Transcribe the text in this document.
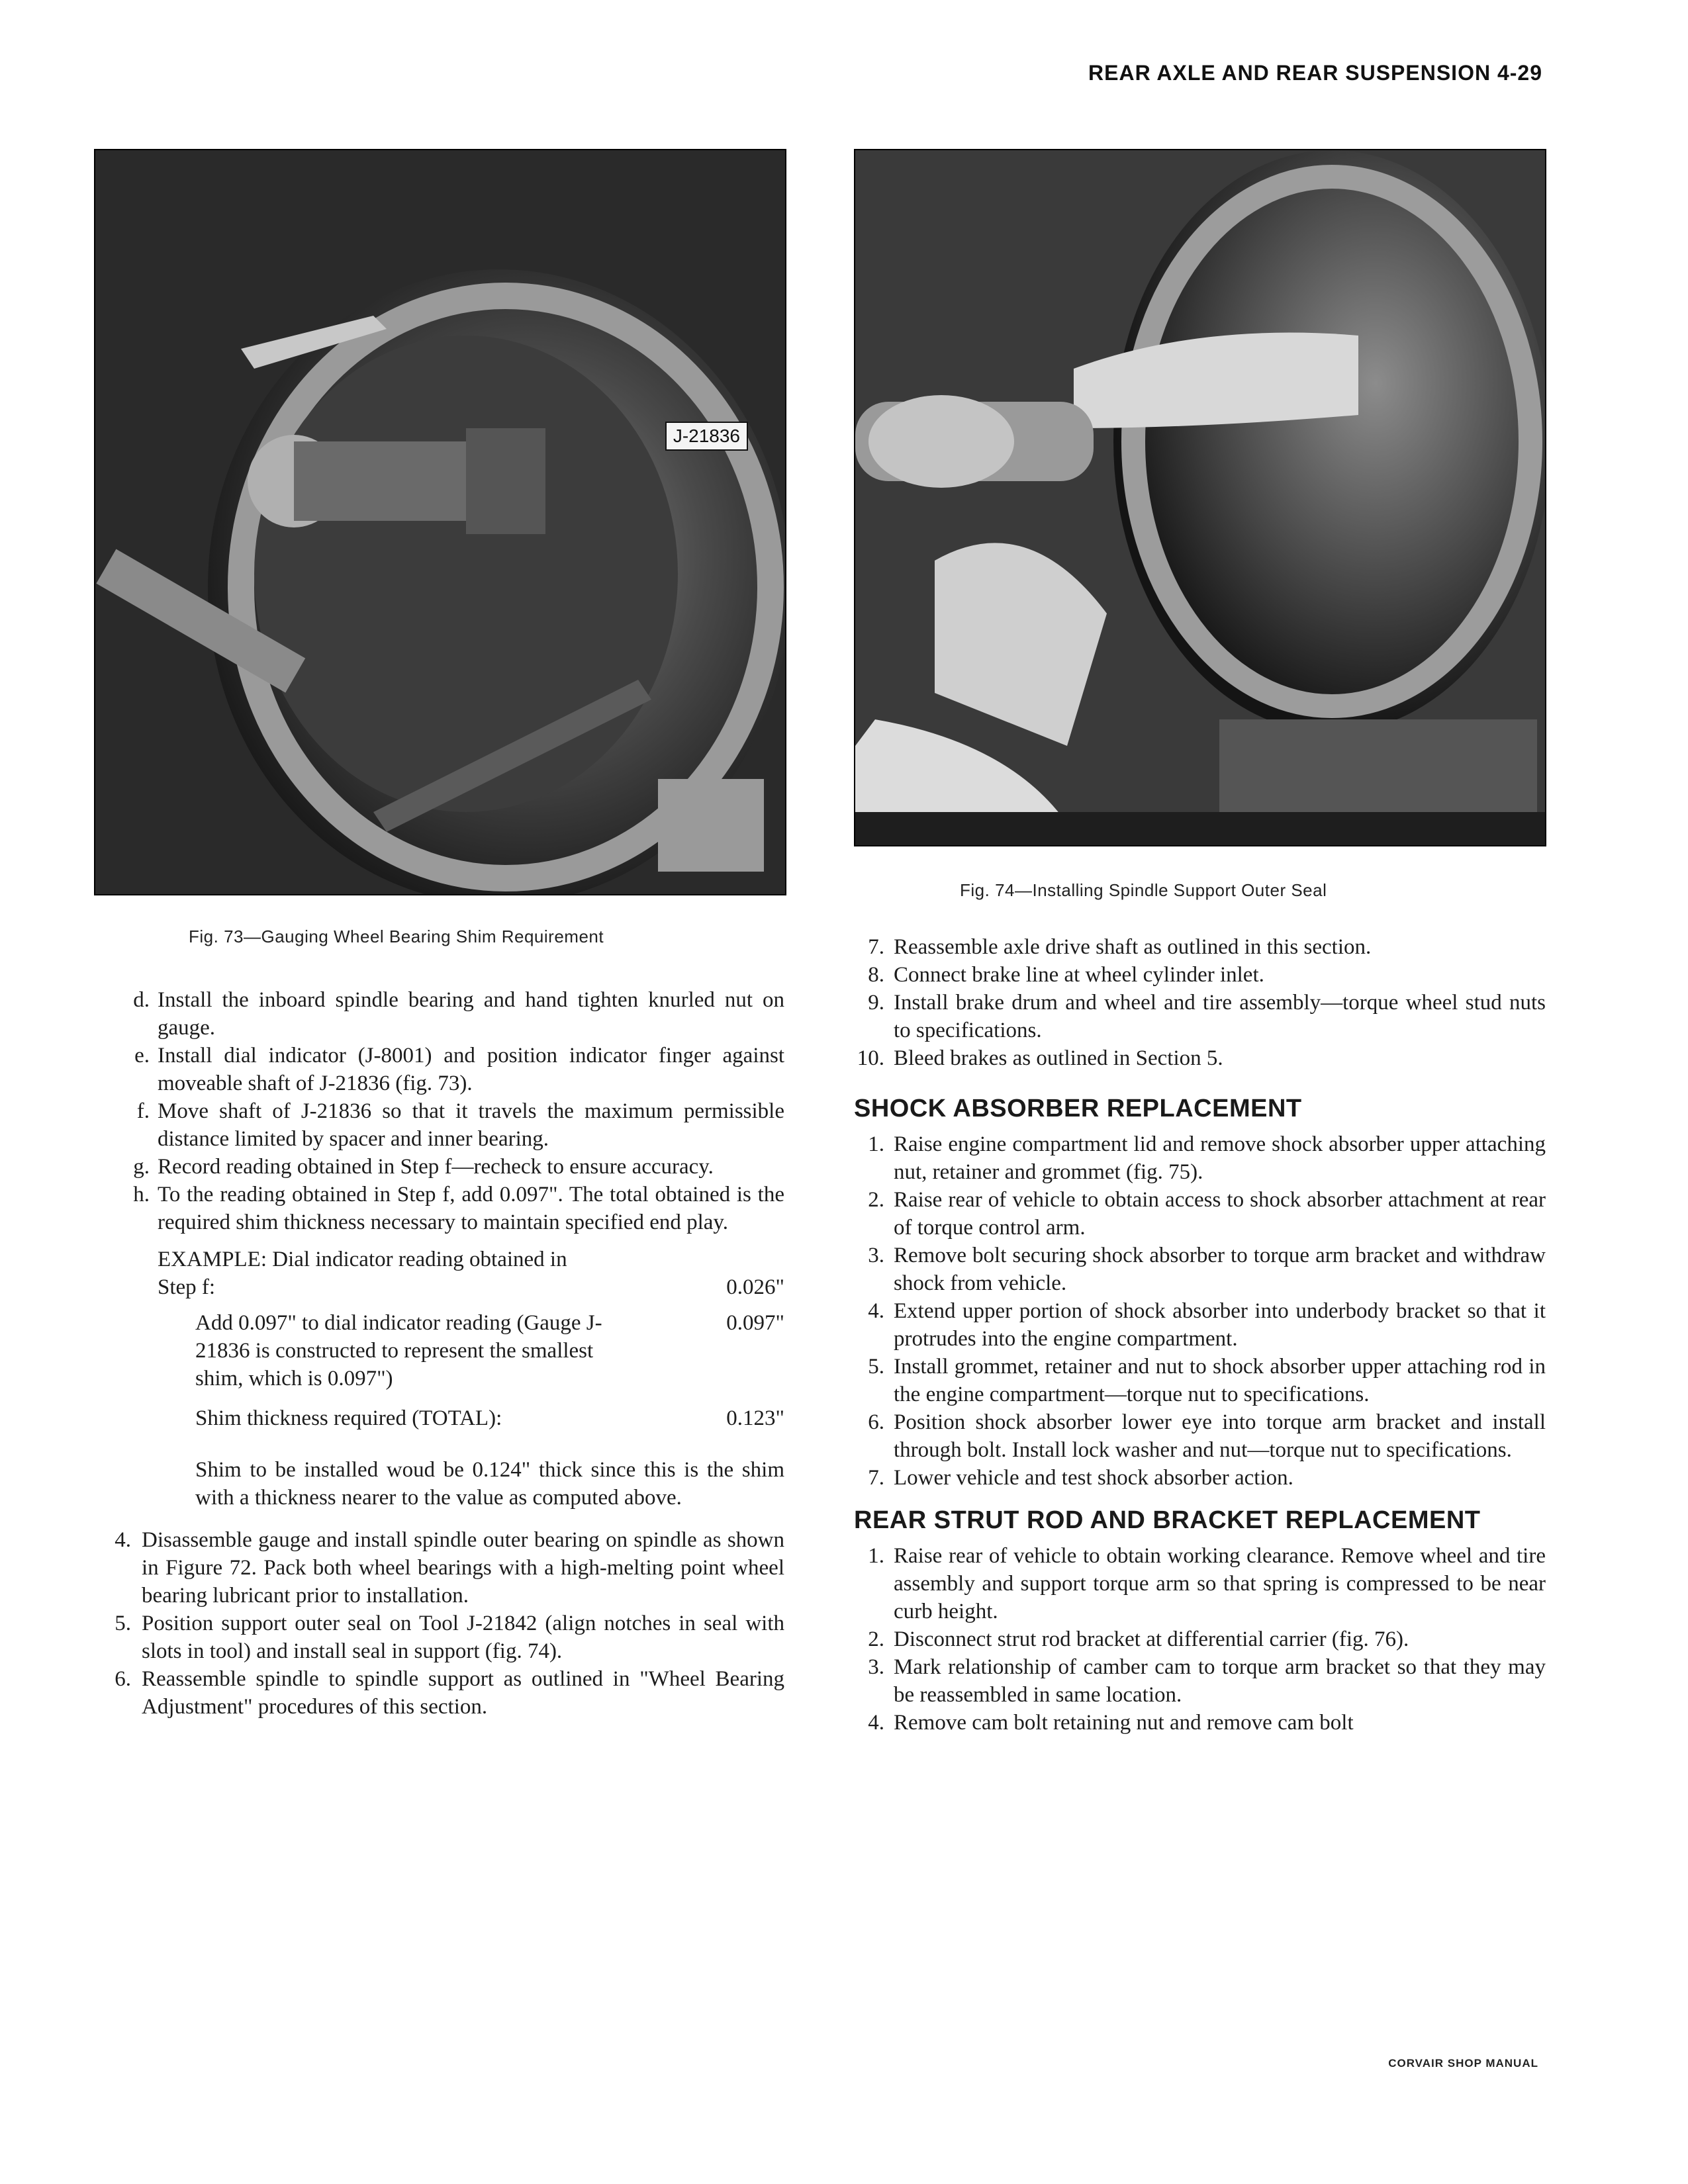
REAR AXLE AND REAR SUSPENSION 4-29
J-21836
Fig. 73—Gauging Wheel Bearing Shim Requirement
Fig. 74—Installing Spindle Support Outer Seal
d. Install the inboard spindle bearing and hand tighten knurled nut on gauge.
e. Install dial indicator (J-8001) and position indicator finger against moveable shaft of J-21836 (fig. 73).
f. Move shaft of J-21836 so that it travels the maximum permissible distance limited by spacer and inner bearing.
g. Record reading obtained in Step f—recheck to ensure accuracy.
h. To the reading obtained in Step f, add 0.097". The total obtained is the required shim thickness necessary to maintain specified end play.
EXAMPLE: Dial indicator reading obtained in
Step f:	0.026"
Add 0.097" to dial indicator reading (Gauge J-21836 is constructed to represent the smallest shim, which is 0.097")
0.097"
Shim thickness required (TOTAL):	0.123"
Shim to be installed woud be 0.124" thick since this is the shim with a thickness nearer to the value as computed above.
4. Disassemble gauge and install spindle outer bearing on spindle as shown in Figure 72. Pack both wheel bearings with a high-melting point wheel bearing lubricant prior to installation.
5. Position support outer seal on Tool J-21842 (align notches in seal with slots in tool) and install seal in support (fig. 74).
6. Reassemble spindle to spindle support as outlined in "Wheel Bearing Adjustment" procedures of this section.
7. Reassemble axle drive shaft as outlined in this section.
8. Connect brake line at wheel cylinder inlet.
9. Install brake drum and wheel and tire assembly—torque wheel stud nuts to specifications.
10. Bleed brakes as outlined in Section 5.
SHOCK ABSORBER REPLACEMENT
1. Raise engine compartment lid and remove shock absorber upper attaching nut, retainer and grommet (fig. 75).
2. Raise rear of vehicle to obtain access to shock absorber attachment at rear of torque control arm.
3. Remove bolt securing shock absorber to torque arm bracket and withdraw shock from vehicle.
4. Extend upper portion of shock absorber into underbody bracket so that it protrudes into the engine compartment.
5. Install grommet, retainer and nut to shock absorber upper attaching rod in the engine compartment—torque nut to specifications.
6. Position shock absorber lower eye into torque arm bracket and install through bolt. Install lock washer and nut—torque nut to specifications.
7. Lower vehicle and test shock absorber action.
REAR STRUT ROD AND BRACKET REPLACEMENT
1. Raise rear of vehicle to obtain working clearance. Remove wheel and tire assembly and support torque arm so that spring is compressed to be near curb height.
2. Disconnect strut rod bracket at differential carrier (fig. 76).
3. Mark relationship of camber cam to torque arm bracket so that they may be reassembled in same location.
4. Remove cam bolt retaining nut and remove cam bolt
CORVAIR SHOP MANUAL
